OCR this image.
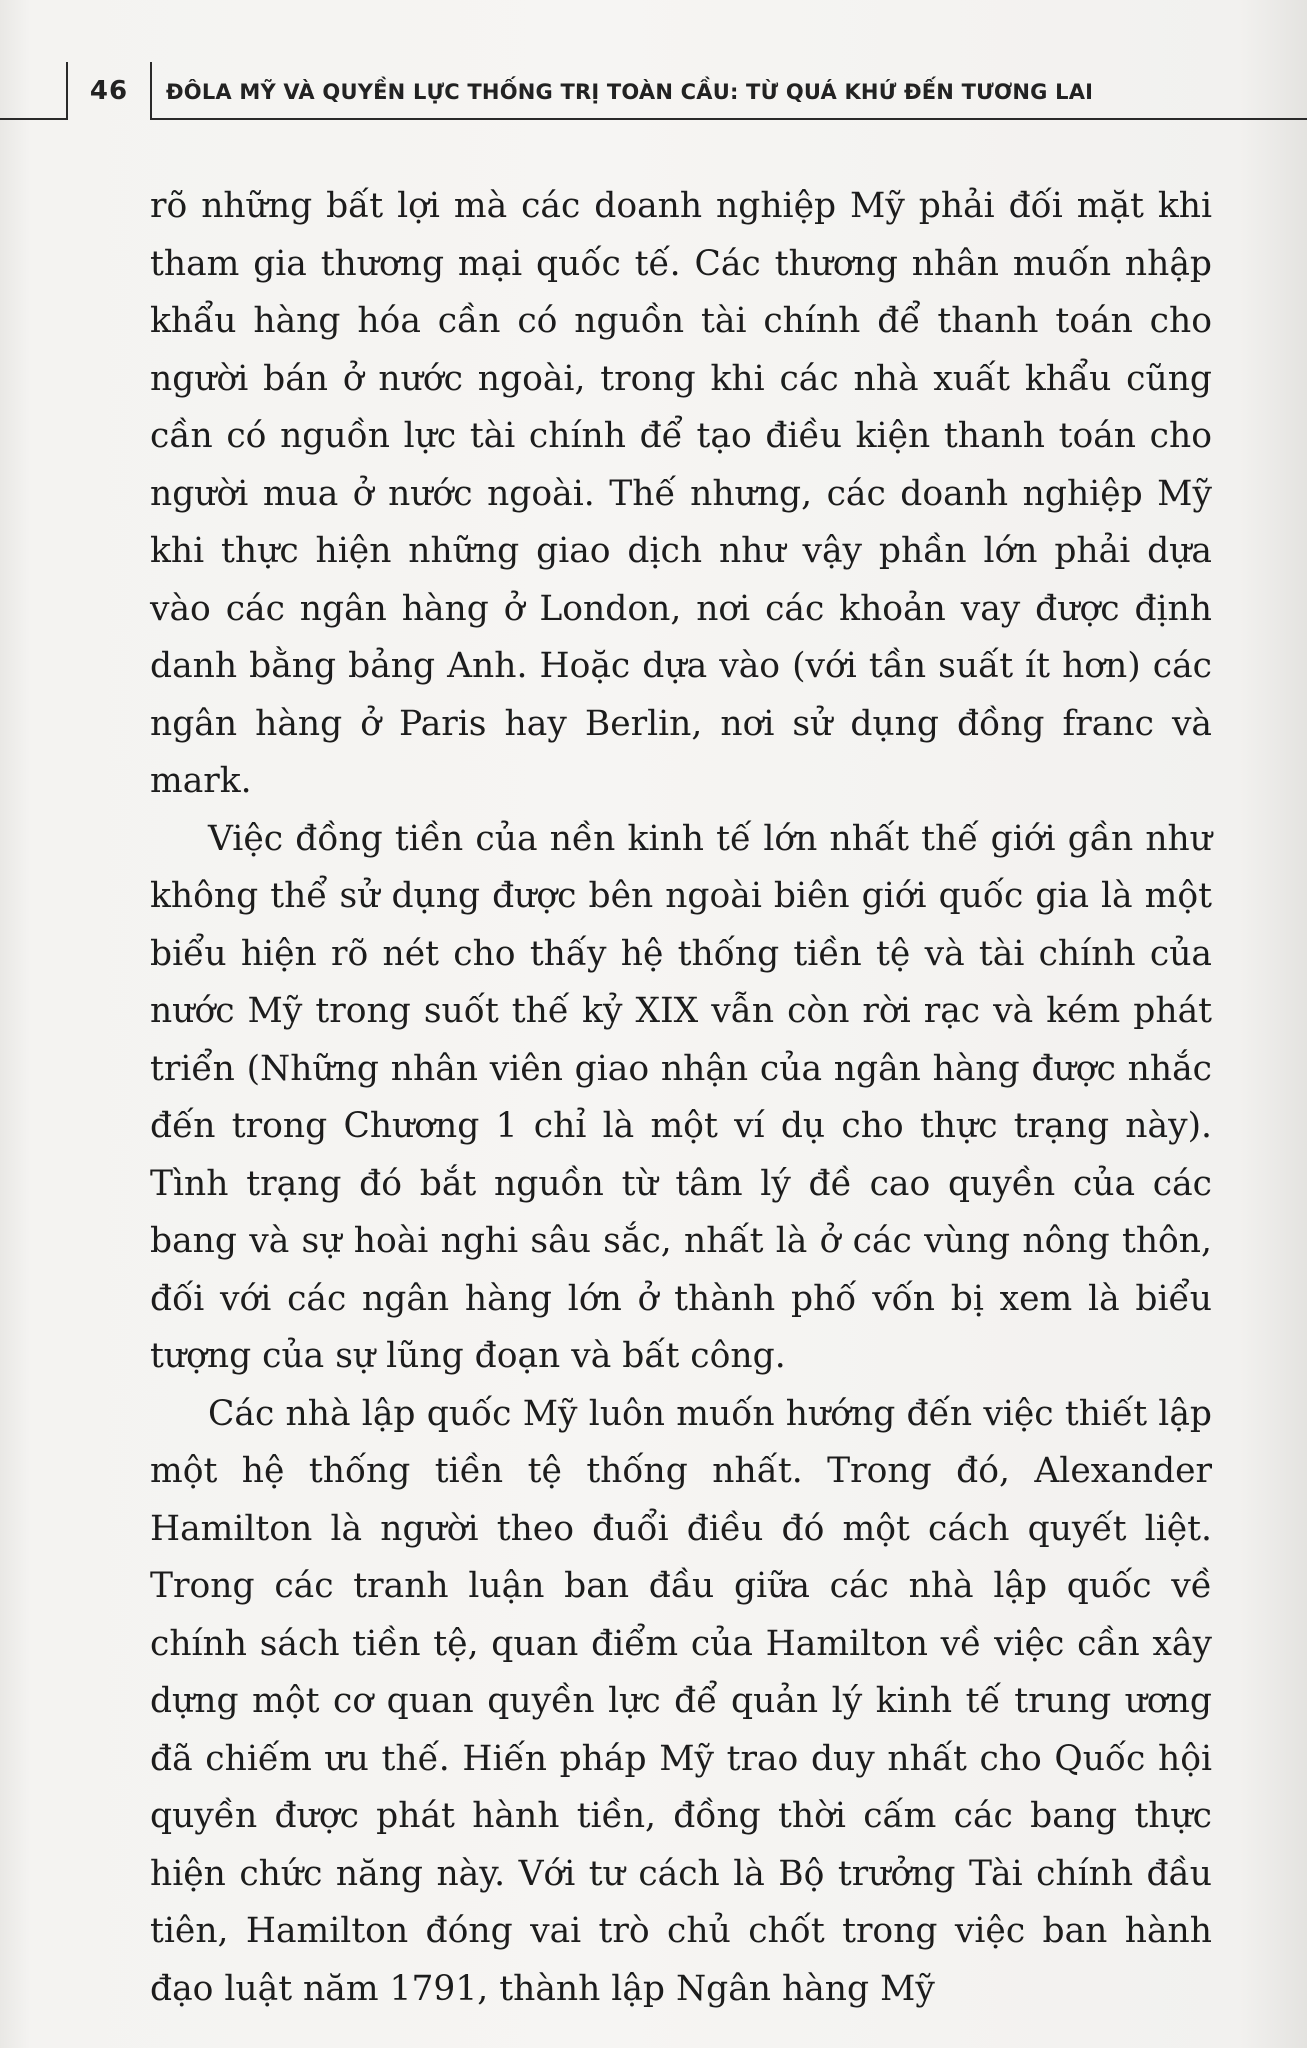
46	ĐÔLA MỸ VÀ QUYỀN LỰC THỐNG TRỊ TOÀN CẦU: TỪ QUÁ KHỨ ĐẾN TƯƠNG LAI

rõ những bất lợi mà các doanh nghiệp Mỹ phải đối mặt khi tham gia thương mại quốc tế. Các thương nhân muốn nhập khẩu hàng hóa cần có nguồn tài chính để thanh toán cho người bán ở nước ngoài, trong khi các nhà xuất khẩu cũng cần có nguồn lực tài chính để tạo điều kiện thanh toán cho người mua ở nước ngoài. Thế nhưng, các doanh nghiệp Mỹ khi thực hiện những giao dịch như vậy phần lớn phải dựa vào các ngân hàng ở London, nơi các khoản vay được định danh bằng bảng Anh. Hoặc dựa vào (với tần suất ít hơn) các ngân hàng ở Paris hay Berlin, nơi sử dụng đồng franc và mark.

Việc đồng tiền của nền kinh tế lớn nhất thế giới gần như không thể sử dụng được bên ngoài biên giới quốc gia là một biểu hiện rõ nét cho thấy hệ thống tiền tệ và tài chính của nước Mỹ trong suốt thế kỷ XIX vẫn còn rời rạc và kém phát triển (Những nhân viên giao nhận của ngân hàng được nhắc đến trong Chương 1 chỉ là một ví dụ cho thực trạng này). Tình trạng đó bắt nguồn từ tâm lý đề cao quyền của các bang và sự hoài nghi sâu sắc, nhất là ở các vùng nông thôn, đối với các ngân hàng lớn ở thành phố vốn bị xem là biểu tượng của sự lũng đoạn và bất công.

Các nhà lập quốc Mỹ luôn muốn hướng đến việc thiết lập một hệ thống tiền tệ thống nhất. Trong đó, Alexander Hamilton là người theo đuổi điều đó một cách quyết liệt. Trong các tranh luận ban đầu giữa các nhà lập quốc về chính sách tiền tệ, quan điểm của Hamilton về việc cần xây dựng một cơ quan quyền lực để quản lý kinh tế trung ương đã chiếm ưu thế. Hiến pháp Mỹ trao duy nhất cho Quốc hội quyền được phát hành tiền, đồng thời cấm các bang thực hiện chức năng này. Với tư cách là Bộ trưởng Tài chính đầu tiên, Hamilton đóng vai trò chủ chốt trong việc ban hành đạo luật năm 1791, thành lập Ngân hàng Mỹ
